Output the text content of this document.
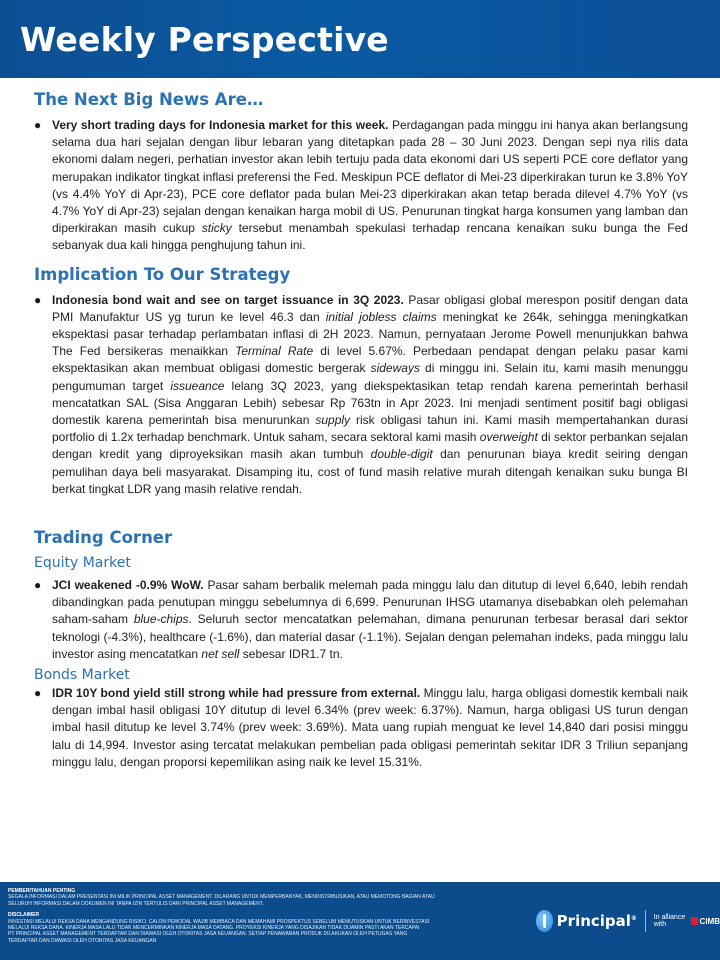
Weekly Perspective
The Next Big News Are…
● Very short trading days for Indonesia market for this week. Perdagangan pada minggu ini hanya akan berlangsung selama dua hari sejalan dengan libur lebaran yang ditetapkan pada 28 – 30 Juni 2023. Dengan sepi nya rilis data ekonomi dalam negeri, perhatian investor akan lebih tertuju pada data ekonomi dari US seperti PCE core deflator yang merupakan indikator tingkat inflasi preferensi the Fed. Meskipun PCE deflator di Mei-23 diperkirakan turun ke 3.8% YoY (vs 4.4% YoY di Apr-23), PCE core deflator pada bulan Mei-23 diperkirakan akan tetap berada dilevel 4.7% YoY (vs 4.7% YoY di Apr-23) sejalan dengan kenaikan harga mobil di US. Penurunan tingkat harga konsumen yang lamban dan diperkirakan masih cukup sticky tersebut menambah spekulasi terhadap rencana kenaikan suku bunga the Fed sebanyak dua kali hingga penghujung tahun ini.
Implication To Our Strategy
● Indonesia bond wait and see on target issuance in 3Q 2023. Pasar obligasi global merespon positif dengan data PMI Manufaktur US yg turun ke level 46.3 dan initial jobless claims meningkat ke 264k, sehingga meningkatkan ekspektasi pasar terhadap perlambatan inflasi di 2H 2023. Namun, pernyataan Jerome Powell menunjukkan bahwa The Fed bersikeras menaikkan Terminal Rate di level 5.67%. Perbedaan pendapat dengan pelaku pasar kami ekspektasikan akan membuat obligasi domestic bergerak sideways di minggu ini. Selain itu, kami masih menunggu pengumuman target issueance lelang 3Q 2023, yang diekspektasikan tetap rendah karena pemerintah berhasil mencatatkan SAL (Sisa Anggaran Lebih) sebesar Rp 763tn in Apr 2023. Ini menjadi sentiment positif bagi obligasi domestik karena pemerintah bisa menurunkan supply risk obligasi tahun ini. Kami masih mempertahankan durasi portfolio di 1.2x terhadap benchmark. Untuk saham, secara sektoral kami masih overweight di sektor perbankan sejalan dengan kredit yang diproyeksikan masih akan tumbuh double-digit dan penurunan biaya kredit seiring dengan pemulihan daya beli masyarakat. Disamping itu, cost of fund masih relative murah ditengah kenaikan suku bunga BI berkat tingkat LDR yang masih relative rendah.
Trading Corner
Equity Market
● JCI weakened -0.9% WoW. Pasar saham berbalik melemah pada minggu lalu dan ditutup di level 6,640, lebih rendah dibandingkan pada penutupan minggu sebelumnya di 6,699. Penurunan IHSG utamanya disebabkan oleh pelemahan saham-saham blue-chips. Seluruh sector mencatatkan pelemahan, dimana penurunan terbesar berasal dari sektor teknologi (-4.3%), healthcare (-1.6%), dan material dasar (-1.1%). Sejalan dengan pelemahan indeks, pada minggu lalu investor asing mencatatkan net sell sebesar IDR1.7 tn.
Bonds Market
● IDR 10Y bond yield still strong while had pressure from external. Minggu lalu, harga obligasi domestik kembali naik dengan imbal hasil obligasi 10Y ditutup di level 6.34% (prev week: 6.37%). Namun, harga obligasi US turun dengan imbal hasil ditutup ke level 3.74% (prev week: 3.69%). Mata uang rupiah menguat ke level 14,840 dari posisi minggu lalu di 14,994. Investor asing tercatat melakukan pembelian pada obligasi pemerintah sekitar IDR 3 Triliun sepanjang minggu lalu, dengan proporsi kepemilikan asing naik ke level 15.31%.
PEMBERITAHUAN PENTING
SEGALA INFORMASI DALAM PRESENTASI INI MILIK PRINCIPAL ASSET MANAGEMENT. DILARANG UNTUK MEMPERBANYAK, MENDISTRIBUSIKAN, ATAU MEMOTONG BAGIAN ATAU
SELURUH INFORMASI DALAM DOKUMEN INI TANPA IZIN TERTULIS DARI PRINCIPAL ASSET MANAGEMENT.
DISCLAIMER
INVESTASI MELALUI REKSA DANA MENGANDUNG RISIKO. CALON PEMODAL WAJIB MEMBACA DAN MEMAHAMI PROSPEKTUS SEBELUM MEMUTUSKAN UNTUK BERINVESTASI
MELALUI REKSA DANA. KINERJA MASA LALU TIDAK MENCERMINKAN KINERJA MASA DATANG. PROYEKSI KINERJA YANG DISAJIKAN TIDAK DIJAMIN PASTI AKAN TERCAPAI
PT PRINCIPAL ASSET MANAGEMENT TERDAFTAR DAN DIAWASI OLEH OTORITAS JASA KEUANGAN. SETIAP PENAWARAN PRODUK DILAKUKAN OLEH PETUGAS YANG
TERDAFTAR DAN DIAWASI OLEH OTORITAS JASA KEUANGAN
Principal® In alliance with	CIMB
